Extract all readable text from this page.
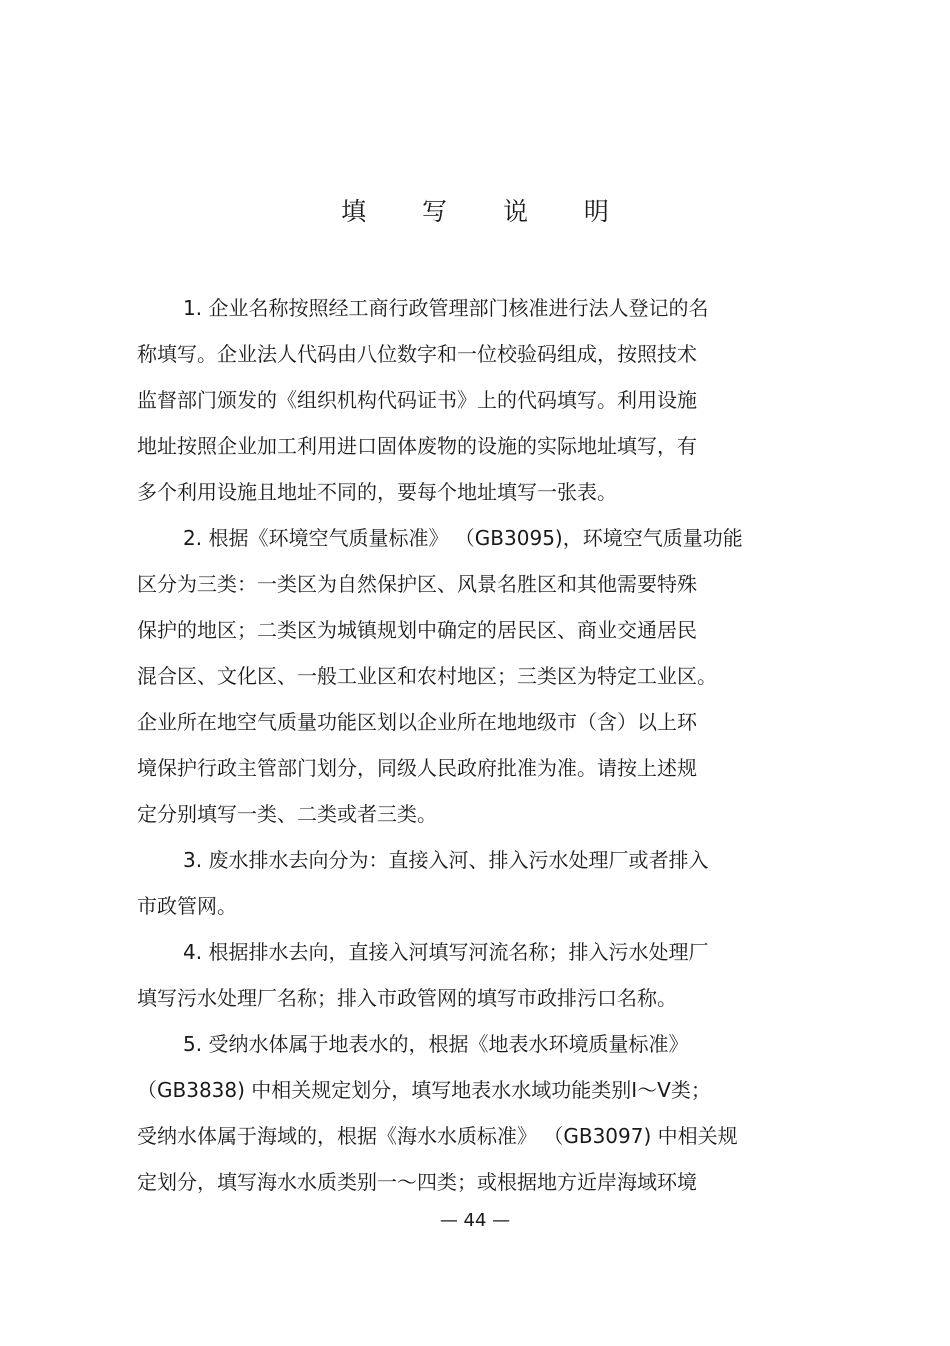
填 写 说 明
1. 企业名称按照经工商行政管理部门核准进行法人登记的名
称填写。企业法人代码由八位数字和一位校验码组成，按照技术
监督部门颁发的《组织机构代码证书》上的代码填写。利用设施
地址按照企业加工利用进口固体废物的设施的实际地址填写，有
多个利用设施且地址不同的，要每个地址填写一张表。
2. 根据《环境空气质量标准》 （GB3095)，环境空气质量功能
区分为三类：一类区为自然保护区、风景名胜区和其他需要特殊
保护的地区；二类区为城镇规划中确定的居民区、商业交通居民
混合区、文化区、一般工业区和农村地区；三类区为特定工业区。
企业所在地空气质量功能区划以企业所在地地级市（含）以上环
境保护行政主管部门划分，同级人民政府批准为准。请按上述规
定分别填写一类、二类或者三类。
3. 废水排水去向分为：直接入河、排入污水处理厂或者排入
市政管网。
4. 根据排水去向，直接入河填写河流名称；排入污水处理厂
填写污水处理厂名称；排入市政管网的填写市政排污口名称。
5. 受纳水体属于地表水的，根据《地表水环境质量标准》
（GB3838) 中相关规定划分，填写地表水水域功能类别Ⅰ～Ⅴ类；
受纳水体属于海域的，根据《海水水质标准》 （GB3097) 中相关规
定划分，填写海水水质类别一～四类；或根据地方近岸海域环境
— 44 —
